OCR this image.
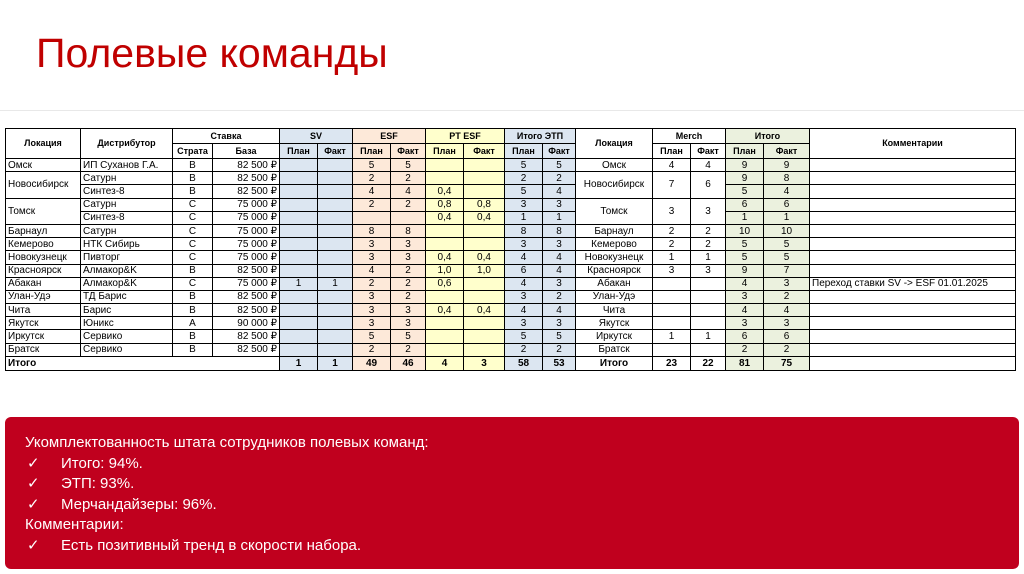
Полевые команды
Локация	Дистрибутор	Ставка		SV		ESF		PT ESF		Итого ЭТП		Локация	Merch		Итого		Комментарии
		Страта	База	План	Факт	План	Факт	План	Факт	План	Факт		План	Факт	План	Факт	
Омск	ИП Суханов Г.А.	B	82 500 ₽			5	5			5	5	Омск	4	4	9	9	
Новосибирск	Сатурн	B	82 500 ₽			2	2			2	2	Новосибирск	7	6	9	8	
	Синтез-8	B	82 500 ₽			4	4	0,4		5	4				5	4	
Томск	Сатурн	C	75 000 ₽			2	2	0,8	0,8	3	3	Томск	3	3	6	6	
	Синтез-8	C	75 000 ₽					0,4	0,4	1	1				1	1	
Барнаул	Сатурн	C	75 000 ₽			8	8			8	8	Барнаул	2	2	10	10	
Кемерово	НТК Сибирь	C	75 000 ₽			3	3			3	3	Кемерово	2	2	5	5	
Новокузнецк	Пивторг	C	75 000 ₽			3	3	0,4	0,4	4	4	Новокузнецк	1	1	5	5	
Красноярск	Алмакор&K	B	82 500 ₽			4	2	1,0	1,0	6	4	Красноярск	3	3	9	7	
Абакан	Алмакор&K	C	75 000 ₽	1	1	2	2	0,6		4	3	Абакан			4	3	Переход ставки SV -> ESF 01.01.2025
Улан-Удэ	ТД Барис	B	82 500 ₽			3	2			3	2	Улан-Удэ			3	2	
Чита	Барис	B	82 500 ₽			3	3	0,4	0,4	4	4	Чита			4	4	
Якутск	Юникс	A	90 000 ₽			3	3			3	3	Якутск			3	3	
Иркутск	Сервико	B	82 500 ₽			5	5			5	5	Иркутск	1	1	6	6	
Братск	Сервико	B	82 500 ₽			2	2			2	2	Братск			2	2	
Итого				1	1	49	46	4	3	58	53	Итого	23	22	81	75	
Укомплектованность штата сотрудников полевых команд:
✓ Итого: 94%.
✓ ЭТП: 93%.
✓ Мерчандайзеры: 96%.
Комментарии:
✓ Есть позитивный тренд в скорости набора.
